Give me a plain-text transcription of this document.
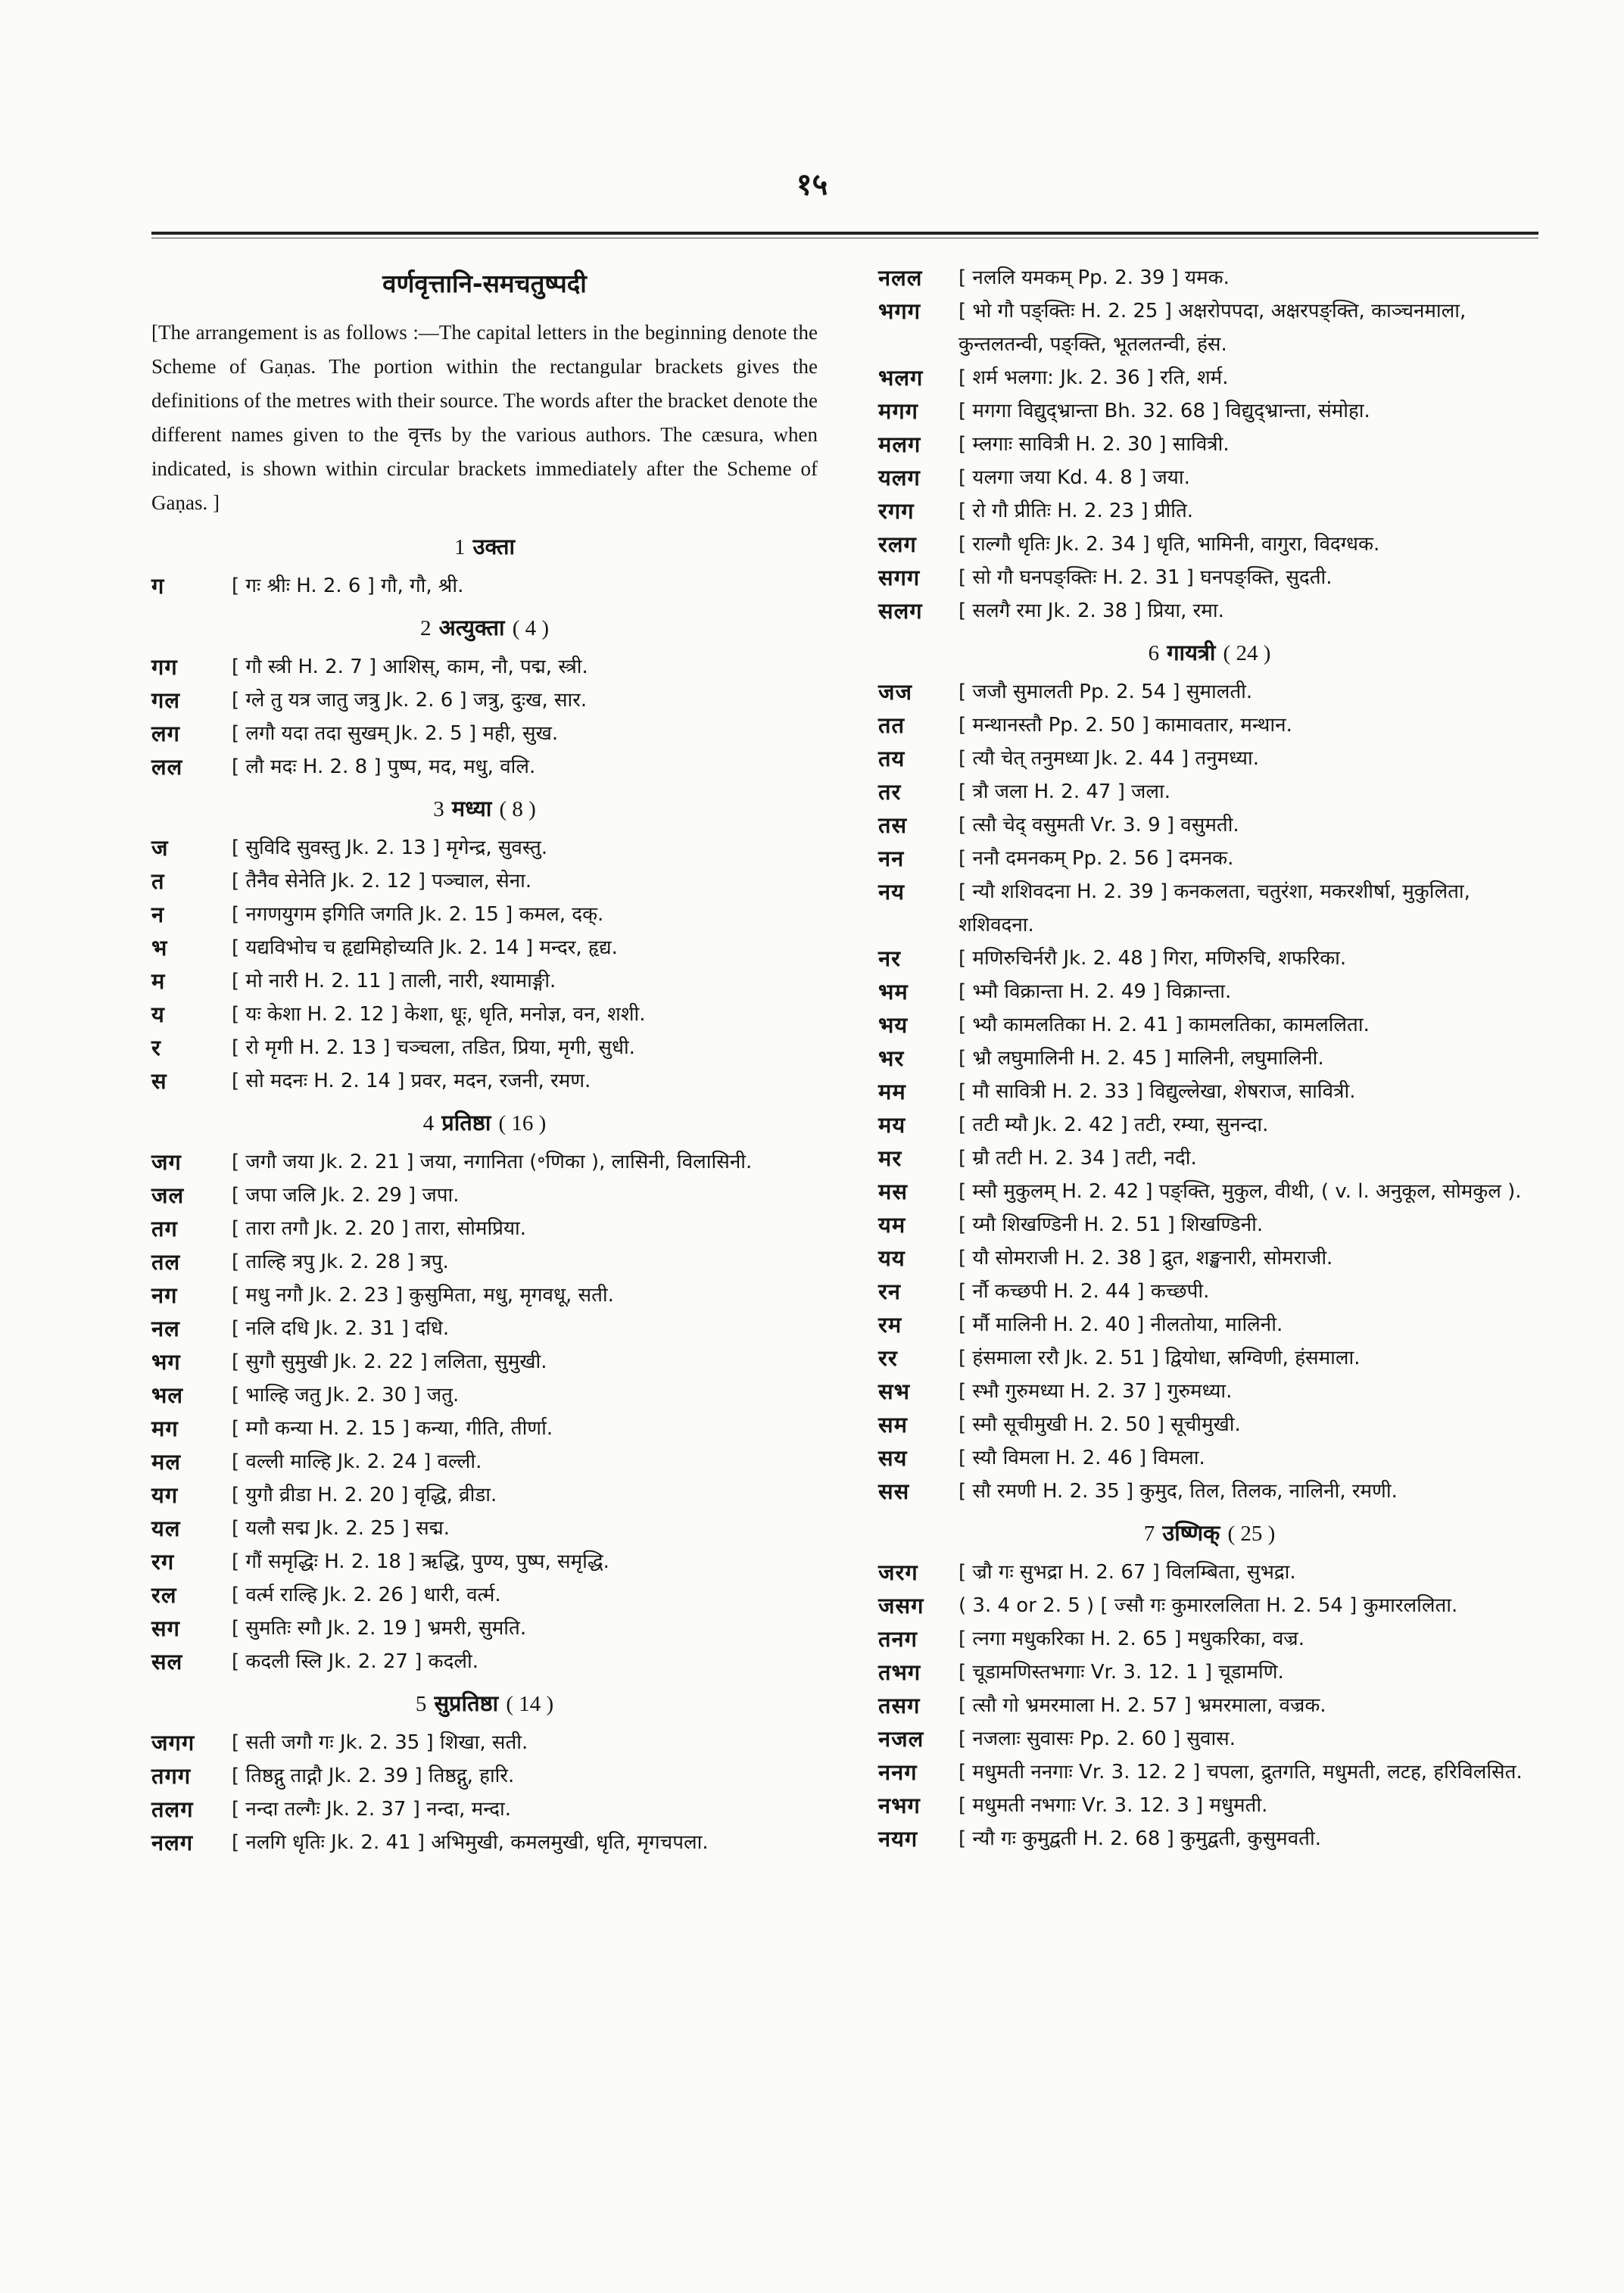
१५
वर्णवृत्तानि-समचतुष्पदी
[The arrangement is as follows :—The capital letters in the beginning denote the Scheme of Gaṇas. The portion within the rectangular brackets gives the definitions of the metres with their source. The words after the bracket denote the different names given to the वृत्तs by the various authors. The cæsura, when indicated, is shown within circular brackets immediately after the Scheme of Gaṇas. ]
1 उक्ता
ग	[ गः श्रीः H. 2. 6 ] गौ, गौ, श्री.
2 अत्युक्ता ( 4 )
गग	[ गौ स्त्री H. 2. 7 ] आशिस्, काम, नौ, पद्म, स्त्री.
गल	[ ग्ले तु यत्र जातु जत्रु Jk. 2. 6 ] जत्रु, दुःख, सार.
लग	[ लगौ यदा तदा सुखम् Jk. 2. 5 ] मही, सुख.
लल	[ लौ मदः H. 2. 8 ] पुष्प, मद, मधु, वलि.
3 मध्या ( 8 )
ज	[ सुविदि सुवस्तु Jk. 2. 13 ] मृगेन्द्र, सुवस्तु.
त	[ तैनैव सेनेति Jk. 2. 12 ] पञ्चाल, सेना.
न	[ नगणयुगम इगिति जगति Jk. 2. 15 ] कमल, दक्.
भ	[ यद्यविभोच च हृद्यमिहोच्यति Jk. 2. 14 ] मन्दर, हृद्य.
म	[ मो नारी H. 2. 11 ] ताली, नारी, श्यामाङ्गी.
य	[ यः केशा H. 2. 12 ] केशा, धूः, धृति, मनोज्ञ, वन, शशी.
र	[ रो मृगी H. 2. 13 ] चञ्चला, तडित, प्रिया, मृगी, सुधी.
स	[ सो मदनः H. 2. 14 ] प्रवर, मदन, रजनी, रमण.
4 प्रतिष्ठा ( 16 )
जग	[ जगौ जया Jk. 2. 21 ] जया, नगानिता (॰णिका ), लासिनी, विलासिनी.
जल	[ जपा जलि Jk. 2. 29 ] जपा.
तग	[ तारा तगौ Jk. 2. 20 ] तारा, सोमप्रिया.
तल	[ ताल्हि त्रपु Jk. 2. 28 ] त्रपु.
नग	[ मधु नगौ Jk. 2. 23 ] कुसुमिता, मधु, मृगवधू, सती.
नल	[ नलि दधि Jk. 2. 31 ] दधि.
भग	[ सुगौ सुमुखी Jk. 2. 22 ] ललिता, सुमुखी.
भल	[ भाल्हि जतु Jk. 2. 30 ] जतु.
मग	[ म्गौ कन्या H. 2. 15 ] कन्या, गीति, तीर्णा.
मल	[ वल्ली माल्हि Jk. 2. 24 ] वल्ली.
यग	[ युगौ व्रीडा H. 2. 20 ] वृद्धि, व्रीडा.
यल	[ यलौ सद्म Jk. 2. 25 ] सद्म.
रग	[ गौं समृद्धिः H. 2. 18 ] ऋद्धि, पुण्य, पुष्प, समृद्धि.
रल	[ वर्त्म राल्हि Jk. 2. 26 ] धारी, वर्त्म.
सग	[ सुमतिः स्गौ Jk. 2. 19 ] भ्रमरी, सुमति.
सल	[ कदली स्लि Jk. 2. 27 ] कदली.
5 सुप्रतिष्ठा ( 14 )
जगग	[ सती जगौ गः Jk. 2. 35 ] शिखा, सती.
तगग	[ तिष्ठद्गु ताद्गौ Jk. 2. 39 ] तिष्ठद्गु, हारि.
तलग	[ नन्दा तल्गैः Jk. 2. 37 ] नन्दा, मन्दा.
नलग	[ नलगि धृतिः Jk. 2. 41 ] अभिमुखी, कमलमुखी, धृति, मृगचपला.
नलल	[ नललि यमकम् Pp. 2. 39 ] यमक.
भगग	[ भो गौ पङ्क्तिः H. 2. 25 ] अक्षरोपपदा, अक्षरपङ्क्ति, काञ्चनमाला, कुन्तलतन्वी, पङ्क्ति, भूतलतन्वी, हंस.
भलग	[ शर्म भलगा: Jk. 2. 36 ] रति, शर्म.
मगग	[ मगगा विद्युद्भ्रान्ता Bh. 32. 68 ] विद्युद्भ्रान्ता, संमोहा.
मलग	[ म्लगाः सावित्री H. 2. 30 ] सावित्री.
यलग	[ यलगा जया Kd. 4. 8 ] जया.
रगग	[ रो गौ प्रीतिः H. 2. 23 ] प्रीति.
रलग	[ राल्गौ धृतिः Jk. 2. 34 ] धृति, भामिनी, वागुरा, विदग्धक.
सगग	[ सो गौ घनपङ्क्तिः H. 2. 31 ] घनपङ्क्ति, सुदती.
सलग	[ सलगै रमा Jk. 2. 38 ] प्रिया, रमा.
6 गायत्री ( 24 )
जज	[ जजौ सुमालती Pp. 2. 54 ] सुमालती.
तत	[ मन्थानस्तौ Pp. 2. 50 ] कामावतार, मन्थान.
तय	[ त्यौ चेत् तनुमध्या Jk. 2. 44 ] तनुमध्या.
तर	[ त्रौ जला H. 2. 47 ] जला.
तस	[ त्सौ चेद् वसुमती Vr. 3. 9 ] वसुमती.
नन	[ ननौ दमनकम् Pp. 2. 56 ] दमनक.
नय	[ न्यौ शशिवदना H. 2. 39 ] कनकलता, चतुरंशा, मकरशीर्षा, मुकुलिता, शशिवदना.
नर	[ मणिरुचिर्नरौ Jk. 2. 48 ] गिरा, मणिरुचि, शफरिका.
भम	[ भ्मौ विक्रान्ता H. 2. 49 ] विक्रान्ता.
भय	[ भ्यौ कामलतिका H. 2. 41 ] कामलतिका, कामललिता.
भर	[ भ्रौ लघुमालिनी H. 2. 45 ] मालिनी, लघुमालिनी.
मम	[ मौ सावित्री H. 2. 33 ] विद्युल्लेखा, शेषराज, सावित्री.
मय	[ तटी म्यौ Jk. 2. 42 ] तटी, रम्या, सुनन्दा.
मर	[ म्रौ तटी H. 2. 34 ] तटी, नदी.
मस	[ म्सौ मुकुलम् H. 2. 42 ] पङ्क्ति, मुकुल, वीथी, ( v. l. अनुकूल, सोमकुल ).
यम	[ य्मौ शिखण्डिनी H. 2. 51 ] शिखण्डिनी.
यय	[ यौ सोमराजी H. 2. 38 ] द्रुत, शङ्खनारी, सोमराजी.
रन	[ र्नौ कच्छपी H. 2. 44 ] कच्छपी.
रम	[ र्मौ मालिनी H. 2. 40 ] नीलतोया, मालिनी.
रर	[ हंसमाला ररौ Jk. 2. 51 ] द्वियोधा, स्रग्विणी, हंसमाला.
सभ	[ स्भौ गुरुमध्या H. 2. 37 ] गुरुमध्या.
सम	[ स्मौ सूचीमुखी H. 2. 50 ] सूचीमुखी.
सय	[ स्यौ विमला H. 2. 46 ] विमला.
सस	[ सौ रमणी H. 2. 35 ] कुमुद, तिल, तिलक, नालिनी, रमणी.
7 उष्णिक् ( 25 )
जरग	[ ज्रौ गः सुभद्रा H. 2. 67 ] विलम्बिता, सुभद्रा.
जसग	( 3. 4 or 2. 5 ) [ ज्सौ गः कुमारललिता H. 2. 54 ] कुमारललिता.
तनग	[ त्नगा मधुकरिका H. 2. 65 ] मधुकरिका, वज्र.
तभग	[ चूडामणिस्तभगाः Vr. 3. 12. 1 ] चूडामणि.
तसग	[ त्सौ गो भ्रमरमाला H. 2. 57 ] भ्रमरमाला, वज्रक.
नजल	[ नजलाः सुवासः Pp. 2. 60 ] सुवास.
ननग	[ मधुमती ननगाः Vr. 3. 12. 2 ] चपला, द्रुतगति, मधुमती, लटह, हरिविलसित.
नभग	[ मधुमती नभगाः Vr. 3. 12. 3 ] मधुमती.
नयग	[ न्यौ गः कुमुद्वती H. 2. 68 ] कुमुद्वती, कुसुमवती.
